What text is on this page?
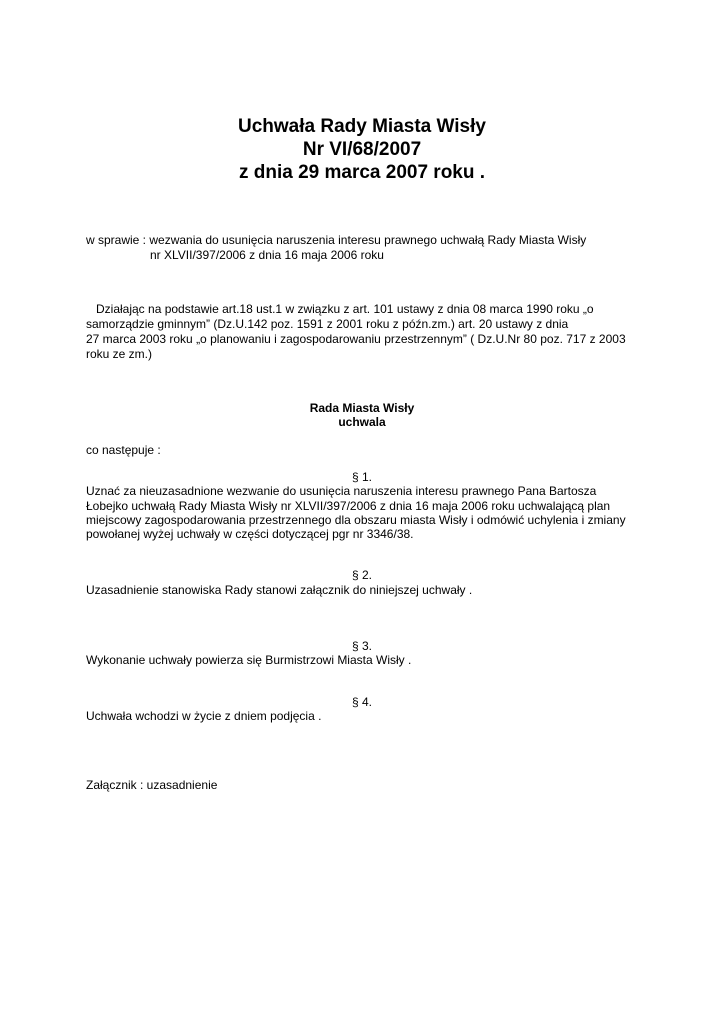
Uchwała Rady Miasta Wisły
Nr VI/68/2007
z dnia 29 marca 2007 roku .
w sprawie : wezwania do usunięcia naruszenia interesu prawnego uchwałą Rady Miasta Wisły
nr XLVII/397/2006 z dnia 16 maja 2006 roku
Działając na podstawie art.18 ust.1 w związku z art. 101 ustawy z dnia 08 marca 1990 roku „o
samorządzie gminnym” (Dz.U.142 poz. 1591 z 2001 roku z późn.zm.) art. 20 ustawy z dnia
27 marca 2003 roku „o planowaniu i zagospodarowaniu przestrzennym” ( Dz.U.Nr 80 poz. 717 z 2003
roku ze zm.)
Rada Miasta Wisły
uchwala
co następuje :
§ 1.
Uznać za nieuzasadnione wezwanie do usunięcia naruszenia interesu prawnego Pana Bartosza
Łobejko uchwałą Rady Miasta Wisły nr XLVII/397/2006 z dnia 16 maja 2006 roku uchwalającą plan
miejscowy zagospodarowania przestrzennego dla obszaru miasta Wisły i odmówić uchylenia i zmiany
powołanej wyżej uchwały w części dotyczącej pgr nr 3346/38.
§ 2.
Uzasadnienie stanowiska Rady stanowi załącznik do niniejszej uchwały .
§ 3.
Wykonanie uchwały powierza się Burmistrzowi Miasta Wisły .
§ 4.
Uchwała wchodzi w życie z dniem podjęcia .
Załącznik : uzasadnienie
